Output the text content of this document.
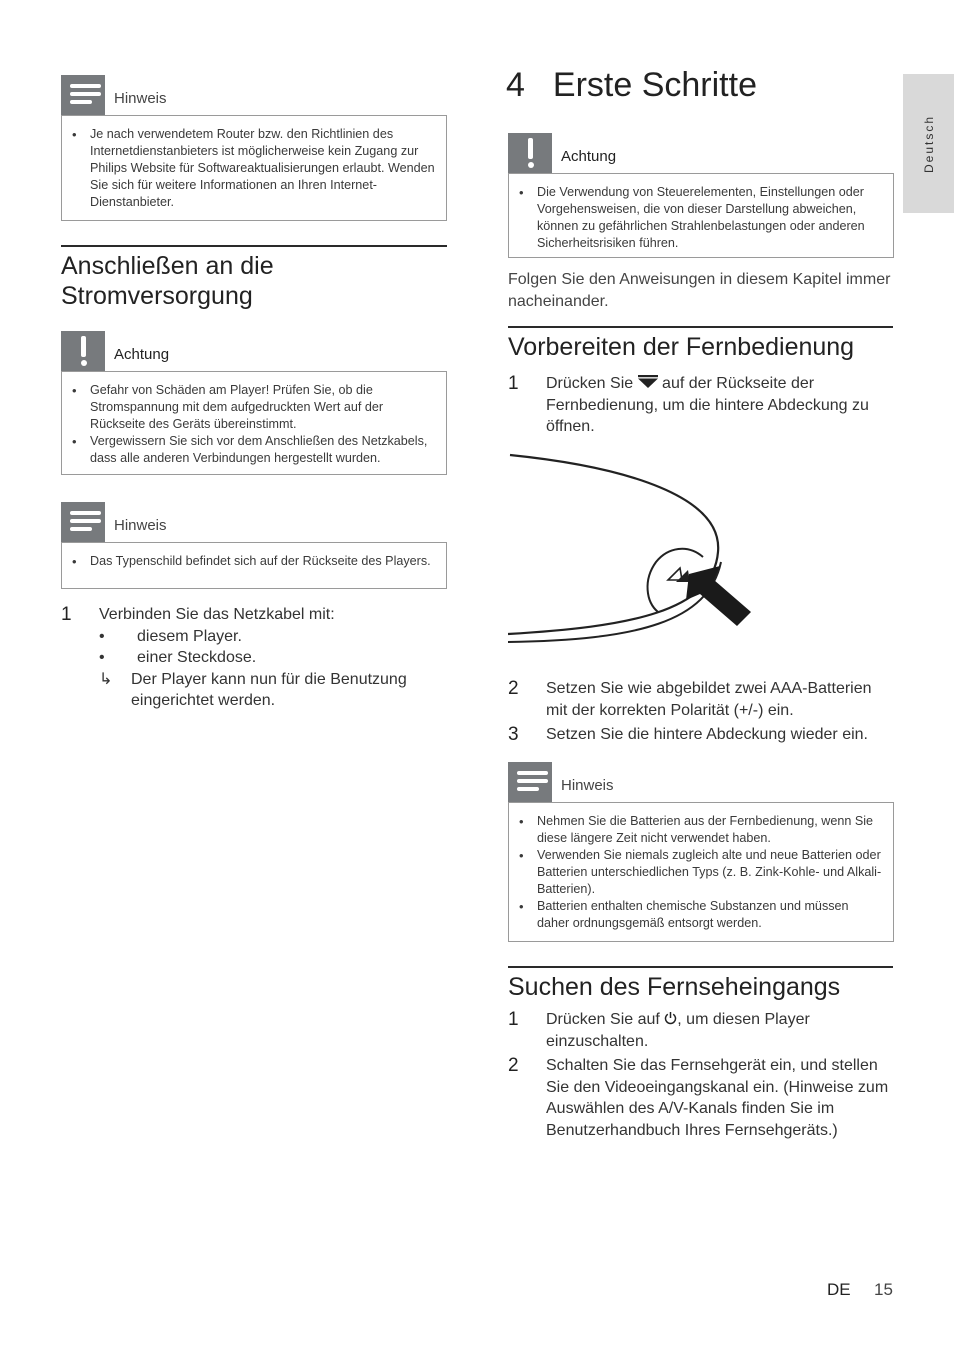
Deutsch
Hinweis
• Je nach verwendetem Router bzw. den Richtlinien des Internetdienstanbieters ist möglicherweise kein Zugang zur Philips Website für Softwareaktualisierungen erlaubt. Wenden Sie sich für weitere Informationen an Ihren Internet-Dienstanbieter.
Anschließen an die
Stromversorgung
Achtung
• Gefahr von Schäden am Player! Prüfen Sie, ob die Stromspannung mit dem aufgedruckten Wert auf der Rückseite des Geräts übereinstimmt.
• Vergewissern Sie sich vor dem Anschließen des Netzkabels, dass alle anderen Verbindungen hergestellt wurden.
Hinweis
• Das Typenschild befindet sich auf der Rückseite des Players.
1 Verbinden Sie das Netzkabel mit:
• diesem Player.
• einer Steckdose.
↳ Der Player kann nun für die Benutzung eingerichtet werden.
4 Erste Schritte
Achtung
• Die Verwendung von Steuerelementen, Einstellungen oder Vorgehensweisen, die von dieser Darstellung abweichen, können zu gefährlichen Strahlenbelastungen oder anderen Sicherheitsrisiken führen.

Folgen Sie den Anweisungen in diesem Kapitel immer nacheinander.

Vorbereiten der Fernbedienung
1 Drücken Sie  auf der Rückseite der Fernbedienung, um die hintere Abdeckung zu öffnen.
2 Setzen Sie wie abgebildet zwei AAA-Batterien mit der korrekten Polarität (+/-) ein.
3 Setzen Sie die hintere Abdeckung wieder ein.
Hinweis
• Nehmen Sie die Batterien aus der Fernbedienung, wenn Sie diese längere Zeit nicht verwendet haben.
• Verwenden Sie niemals zugleich alte und neue Batterien oder Batterien unterschiedlichen Typs (z. B. Zink-Kohle- und Alkali-Batterien).
• Batterien enthalten chemische Substanzen und müssen daher ordnungsgemäß entsorgt werden.
Suchen des Fernseheingangs
1 Drücken Sie auf , um diesen Player einzuschalten.
2 Schalten Sie das Fernsehgerät ein, und stellen Sie den Videoeingangskanal ein. (Hinweise zum Auswählen des A/V-Kanals finden Sie im Benutzerhandbuch Ihres Fernsehgeräts.)
DE 15
